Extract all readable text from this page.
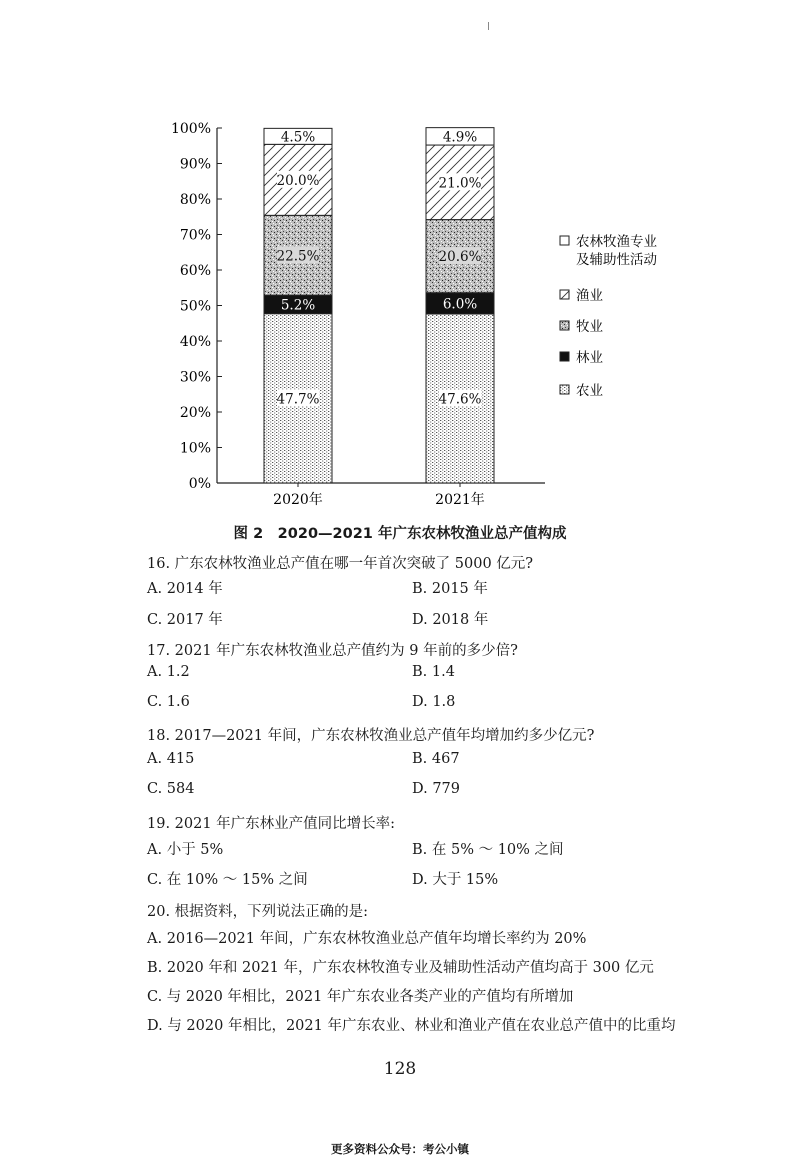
0%
10%
20%
30%
40%
50%
60%
70%
80%
90%
100%
2020年	2021年
47.7%
5.2%
22.5%
20.0%
4.5%
47.6%
6.0%
20.6%
21.0%
4.9%
农林牧渔专业
及辅助性活动
渔业
牧业
林业
农业
图 2　2020—2021 年广东农林牧渔业总产值构成
16. 广东农林牧渔业总产值在哪一年首次突破了 5000 亿元?
A. 2014 年	B. 2015 年
C. 2017 年	D. 2018 年
17. 2021 年广东农林牧渔业总产值约为 9 年前的多少倍?
A. 1.2	B. 1.4
C. 1.6	D. 1.8
18. 2017—2021 年间，广东农林牧渔业总产值年均增加约多少亿元?
A. 415	B. 467
C. 584	D. 779
19. 2021 年广东林业产值同比增长率:
A. 小于 5%	B. 在 5% ～ 10% 之间
C. 在 10% ～ 15% 之间	D. 大于 15%
20. 根据资料，下列说法正确的是:
A. 2016—2021 年间，广东农林牧渔业总产值年均增长率约为 20%
B. 2020 年和 2021 年，广东农林牧渔专业及辅助性活动产值均高于 300 亿元
C. 与 2020 年相比，2021 年广东农业各类产业的产值均有所增加
D. 与 2020 年相比，2021 年广东农业、林业和渔业产值在农业总产值中的比重均
128
更多资料公众号：考公小镇
